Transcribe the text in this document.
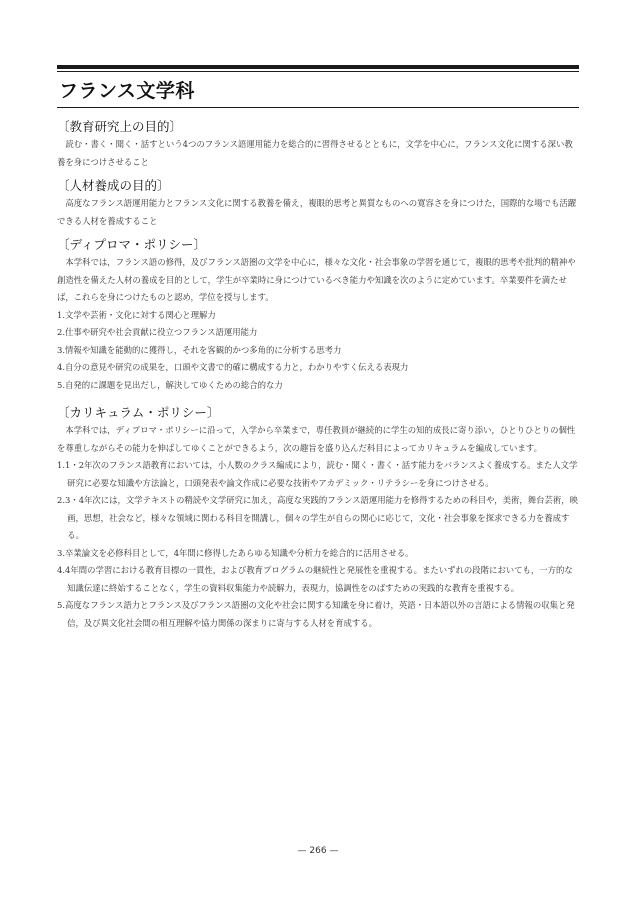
フランス文学科
〔教育研究上の目的〕

読む・書く・聞く・話すという4つのフランス語運用能力を総合的に習得させるとともに，文学を中心に，フランス文化に関する深い教養を身につけさせること

〔人材養成の目的〕

高度なフランス語運用能力とフランス文化に関する教養を備え，複眼的思考と異質なものへの寛容さを身につけた，国際的な場でも活躍できる人材を養成すること

〔ディプロマ・ポリシー〕

本学科では，フランス語の修得，及びフランス語圏の文学を中心に，様々な文化・社会事象の学習を通じて，複眼的思考や批判的精神や創造性を備えた人材の養成を目的として，学生が卒業時に身につけているべき能力や知識を次のように定めています。卒業要件を満たせば，これらを身につけたものと認め，学位を授与します。

1.文学や芸術・文化に対する関心と理解力
2.仕事や研究や社会貢献に役立つフランス語運用能力
3.情報や知識を能動的に獲得し，それを客観的かつ多角的に分析する思考力
4.自分の意見や研究の成果を，口頭や文書で的確に構成する力と，わかりやすく伝える表現力
5.自発的に課題を見出だし，解決してゆくための総合的な力
〔カリキュラム・ポリシー〕

本学科では，ディプロマ・ポリシーに沿って，入学から卒業まで，専任教員が継続的に学生の知的成長に寄り添い，ひとりひとりの個性を尊重しながらその能力を伸ばしてゆくことができるよう，次の趣旨を盛り込んだ科目によってカリキュラムを編成しています。

1.1・2年次のフランス語教育においては，小人数のクラス編成により，読む・聞く・書く・話す能力をバランスよく養成する。また人文学研究に必要な知識や方法論と，口頭発表や論文作成に必要な技術やアカデミック・リテラシーを身につけさせる。
2.3・4年次には，文学テキストの精読や文学研究に加え，高度な実践的フランス語運用能力を修得するための科目や，美術，舞台芸術，映画，思想，社会など，様々な領域に関わる科目を開講し，個々の学生が自らの関心に応じて，文化・社会事象を探求できる力を養成する。
3.卒業論文を必修科目として，4年間に修得したあらゆる知識や分析力を総合的に活用させる。
4.4年間の学習における教育目標の一貫性，および教育プログラムの継続性と発展性を重視する。またいずれの段階においても，一方的な知識伝達に終始することなく，学生の資料収集能力や読解力，表現力，協調性をのばすための実践的な教育を重視する。
5.高度なフランス語力とフランス及びフランス語圏の文化や社会に関する知識を身に着け，英語・日本語以外の言語による情報の収集と発信，及び異文化社会間の相互理解や協力関係の深まりに寄与する人材を育成する。
— 266 —
